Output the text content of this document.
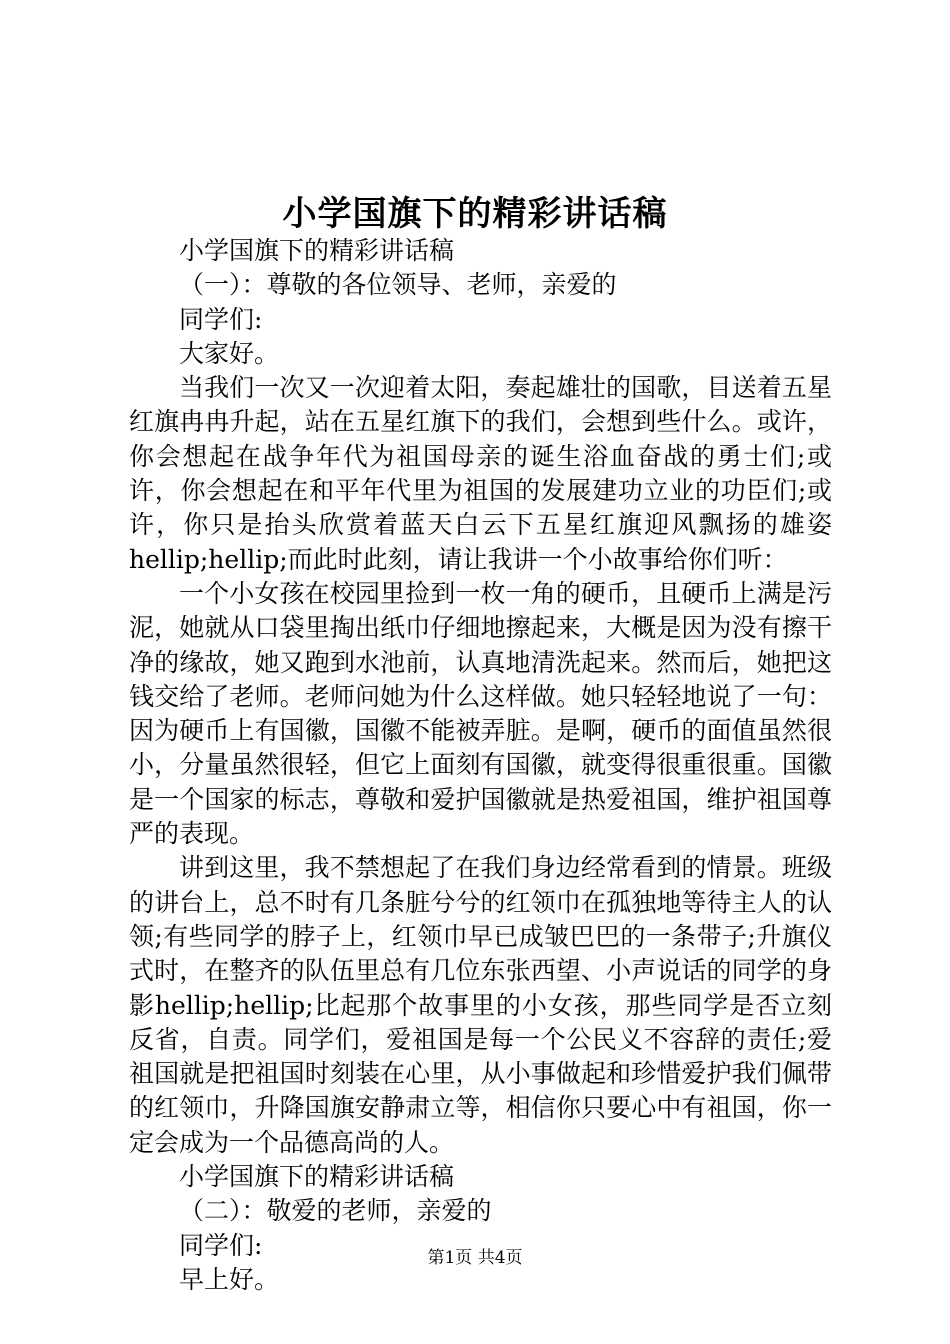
小学国旗下的精彩讲话稿

小学国旗下的精彩讲话稿

（一）：尊敬的各位领导、老师，亲爱的

同学们:

大家好。

当我们一次又一次迎着太阳，奏起雄壮的国歌，目送着五星红旗冉冉升起，站在五星红旗下的我们，会想到些什么。或许，你会想起在战争年代为祖国母亲的诞生浴血奋战的勇士们;或许，你会想起在和平年代里为祖国的发展建功立业的功臣们;或许，你只是抬头欣赏着蓝天白云下五星红旗迎风飘扬的雄姿hellip;hellip;而此时此刻，请让我讲一个小故事给你们听：

一个小女孩在校园里捡到一枚一角的硬币，且硬币上满是污泥，她就从口袋里掏出纸巾仔细地擦起来，大概是因为没有擦干净的缘故，她又跑到水池前，认真地清洗起来。然而后，她把这钱交给了老师。老师问她为什么这样做。她只轻轻地说了一句：因为硬币上有国徽，国徽不能被弄脏。是啊，硬币的面值虽然很小，分量虽然很轻，但它上面刻有国徽，就变得很重很重。国徽是一个国家的标志，尊敬和爱护国徽就是热爱祖国，维护祖国尊严的表现。

讲到这里，我不禁想起了在我们身边经常看到的情景。班级的讲台上，总不时有几条脏兮兮的红领巾在孤独地等待主人的认领;有些同学的脖子上，红领巾早已成皱巴巴的一条带子;升旗仪式时，在整齐的队伍里总有几位东张西望、小声说话的同学的身影hellip;hellip;比起那个故事里的小女孩，那些同学是否立刻反省，自责。同学们，爱祖国是每一个公民义不容辞的责任;爱祖国就是把祖国时刻装在心里，从小事做起和珍惜爱护我们佩带的红领巾，升降国旗安静肃立等，相信你只要心中有祖国，你一定会成为一个品德高尚的人。

小学国旗下的精彩讲话稿

（二）：敬爱的老师，亲爱的

同学们:

早上好。

第1页 共4页
